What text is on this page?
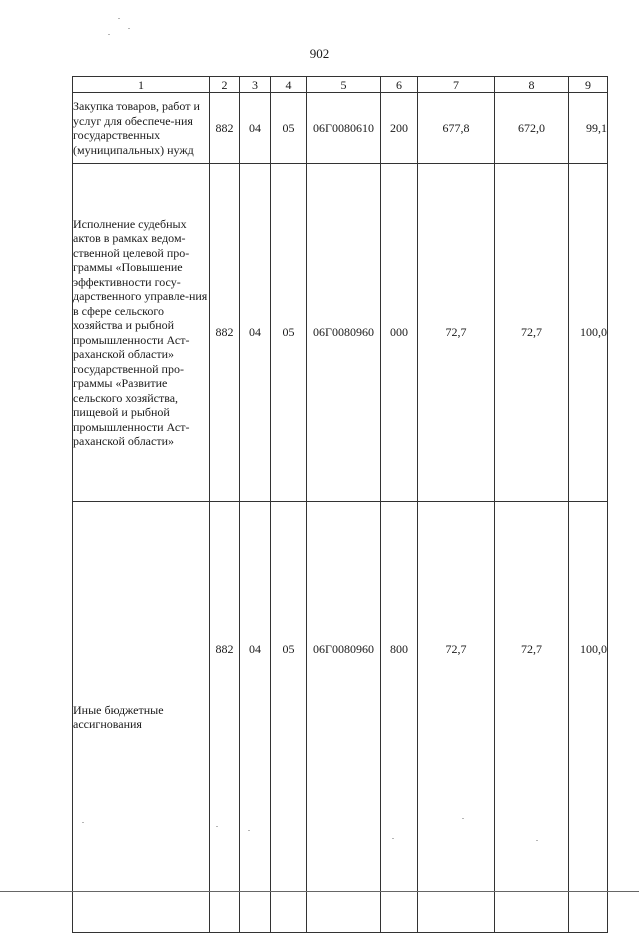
902
1	2	3	4	5	6	7	8	9
Закупка товаров, работ и услуг для обеспече-ния государственных (муниципальных) нужд	882	04	05	06Г0080610	200	677,8	672,0	99,1
Исполнение судебных актов в рамках ведом-ственной целевой про-граммы «Повышение эффективности госу-дарственного управле-ния в сфере сельского хозяйства и рыбной промышленности Аст-раханской области» государственной про-граммы «Развитие сельского хозяйства, пищевой и рыбной промышленности Аст-раханской области»	882	04	05	06Г0080960	000	72,7	72,7	100,0
Иные бюджетные ассигнования	882	04	05	06Г0080960	800	72,7	72,7	100,0
